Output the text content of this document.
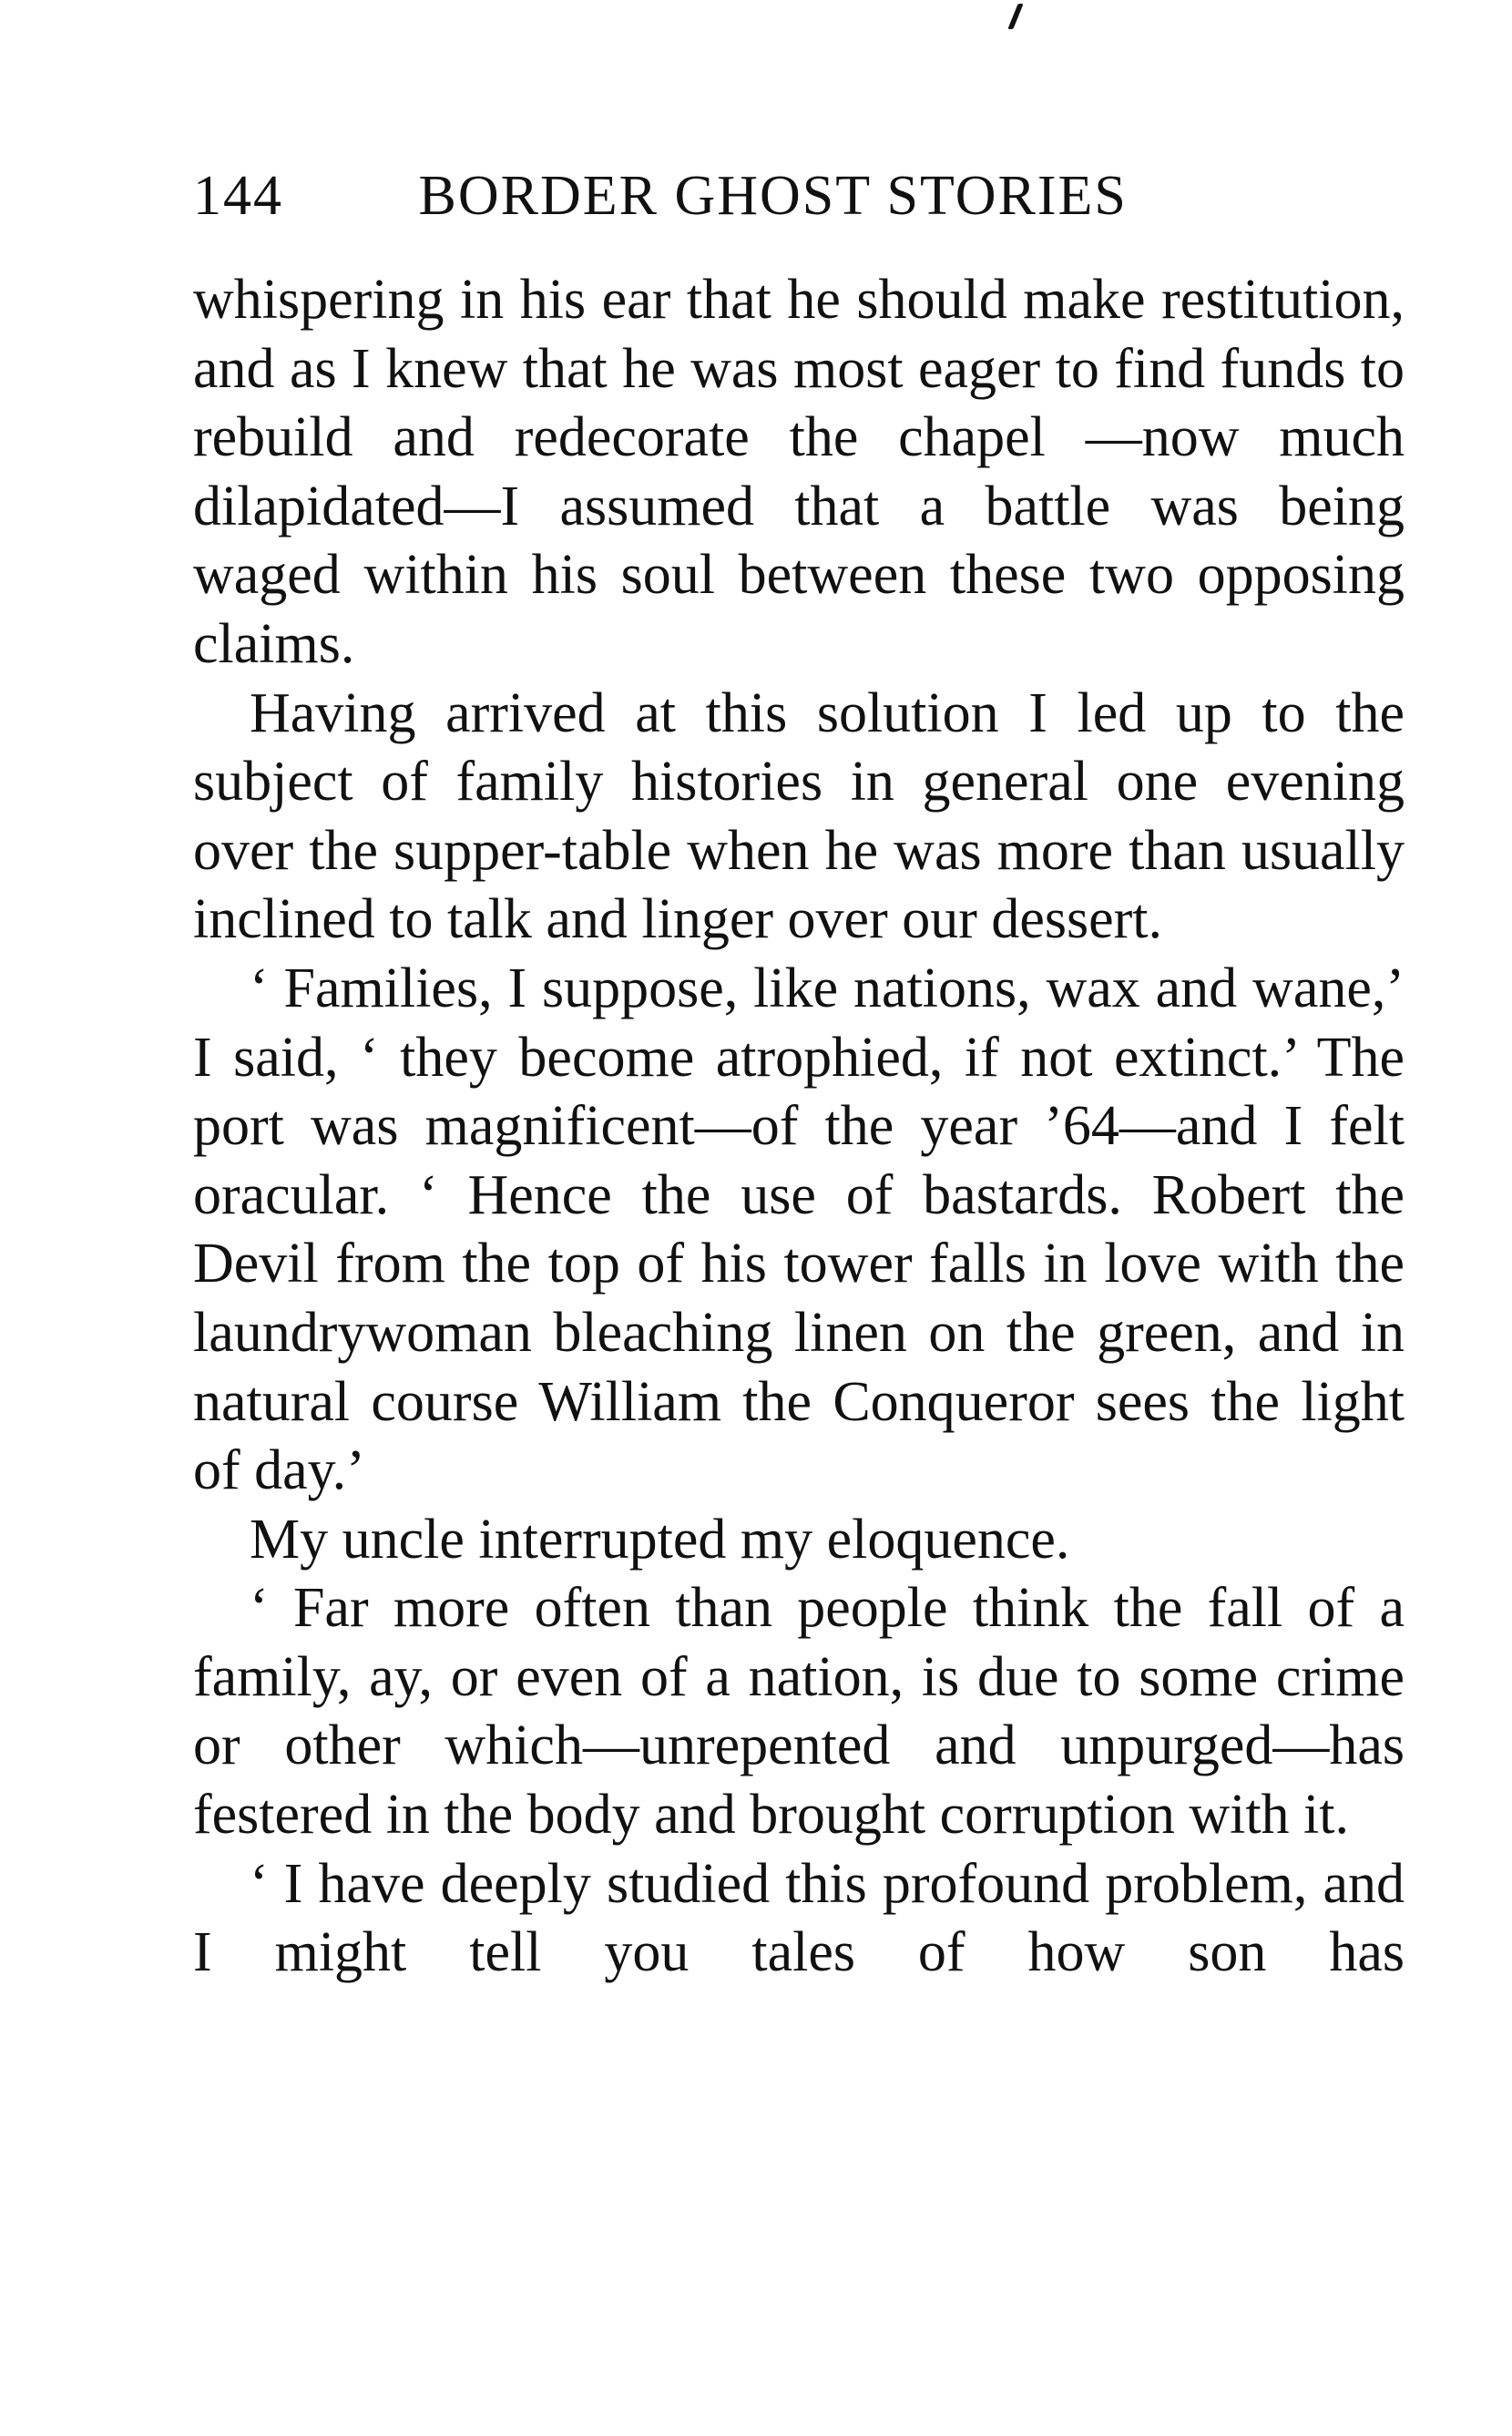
144 BORDER GHOST STORIES

whispering in his ear that he should make restitution, and as I knew that he was most eager to find funds to rebuild and redecorate the chapel —now much dilapidated—I assumed that a battle was being waged within his soul between these two opposing claims.

Having arrived at this solution I led up to the subject of family histories in general one evening over the supper-table when he was more than usually inclined to talk and linger over our dessert.

‘ Families, I suppose, like nations, wax and wane,’ I said, ‘ they become atrophied, if not extinct.’ The port was magnificent—of the year ’64—and I felt oracular. ‘ Hence the use of bastards. Robert the Devil from the top of his tower falls in love with the laundrywoman bleaching linen on the green, and in natural course William the Conqueror sees the light of day.’

My uncle interrupted my eloquence.

‘ Far more often than people think the fall of a family, ay, or even of a nation, is due to some crime or other which—unrepented and unpurged—has festered in the body and brought corruption with it.

‘ I have deeply studied this profound problem, and I might tell you tales of how son has
